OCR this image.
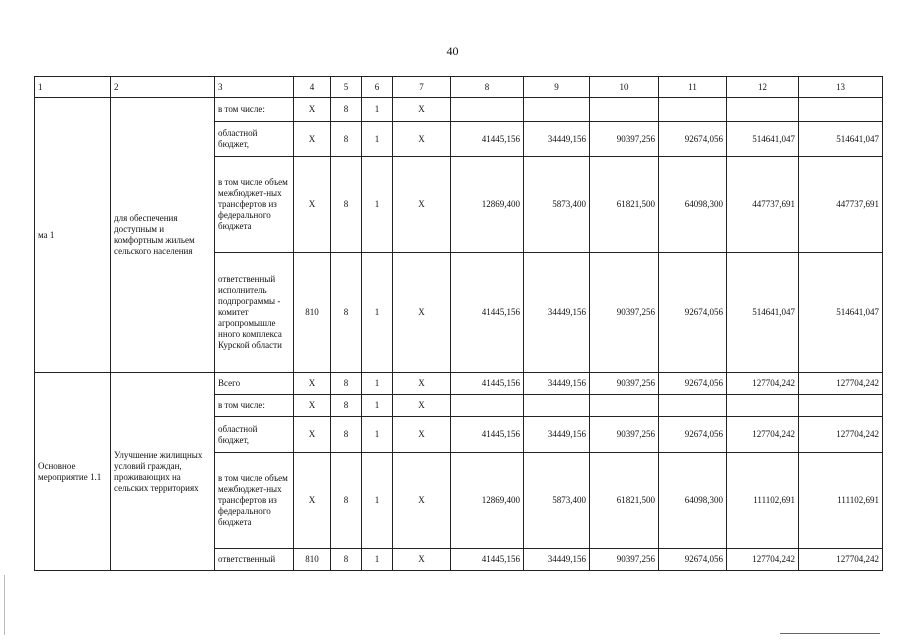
40
1	2	3	4	5	6	7	8	9	10	11	12	13
ма 1	для обеспечения доступным и комфортным жильем сельского населения	в том числе:	X	8	1	X						
		областной бюджет,	X	8	1	X	41445,156	34449,156	90397,256	92674,056	514641,047	514641,047
		в том числе объем межбюджет-ных трансфертов из федерального бюджета	X	8	1	X	12869,400	5873,400	61821,500	64098,300	447737,691	447737,691
		ответственный исполнитель подпрограммы - комитет агропромышле нного комплекса Курской области	810	8	1	X	41445,156	34449,156	90397,256	92674,056	514641,047	514641,047
Основное мероприятие 1.1	Улучшение жилищных условий граждан, проживающих на сельских территориях	Всего	X	8	1	X	41445,156	34449,156	90397,256	92674,056	127704,242	127704,242
		в том числе:	X	8	1	X						
		областной бюджет,	X	8	1	X	41445,156	34449,156	90397,256	92674,056	127704,242	127704,242
		в том числе объем межбюджет-ных трансфертов из федерального бюджета	X	8	1	X	12869,400	5873,400	61821,500	64098,300	111102,691	111102,691
		ответственный	810	8	1	X	41445,156	34449,156	90397,256	92674,056	127704,242	127704,242
